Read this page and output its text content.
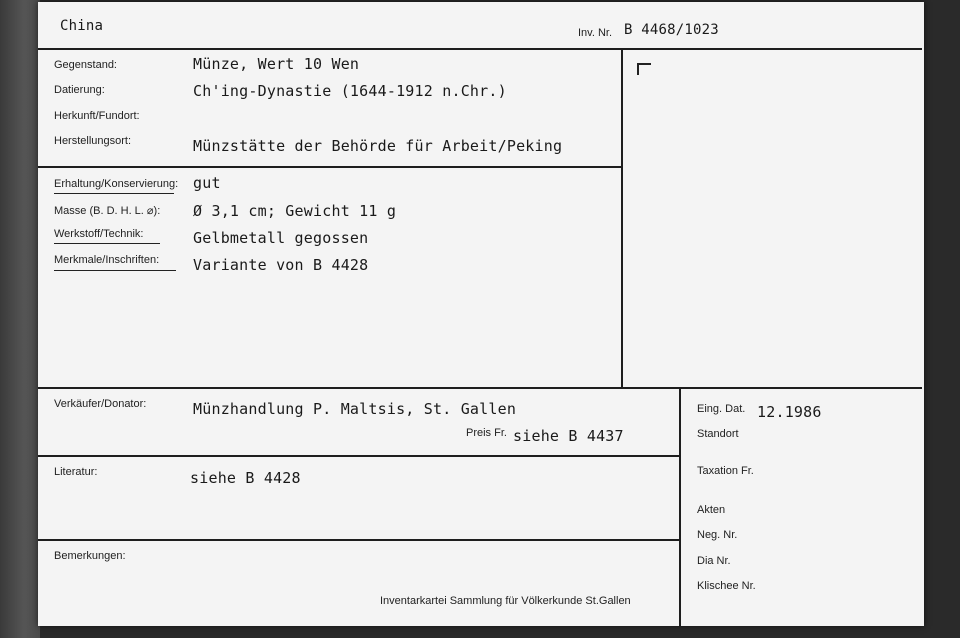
China	Inv. Nr. B 4468/1023
Gegenstand:	Münze, Wert 10 Wen
Datierung:	Ch'ing-Dynastie (1644-1912 n.Chr.)
Herkunft/Fundort:
Herstellungsort:	Münzstätte der Behörde für Arbeit/Peking
Erhaltung/Konservierung: gut
Masse (B. D. H. L. ⌀): Ø 3,1 cm; Gewicht 11 g
Werkstoff/Technik:	Gelbmetall gegossen
Merkmale/Inschriften: Variante von B 4428
Verkäufer/Donator:	Münzhandlung P. Maltsis, St. Gallen
Preis Fr. siehe B 4437
Literatur:	siehe B 4428
Bemerkungen:
Inventarkartei Sammlung für Völkerkunde St.Gallen
Eing. Dat. 12.1986
Standort
Taxation Fr.
Akten
Neg. Nr.
Dia Nr.
Klischee Nr.
